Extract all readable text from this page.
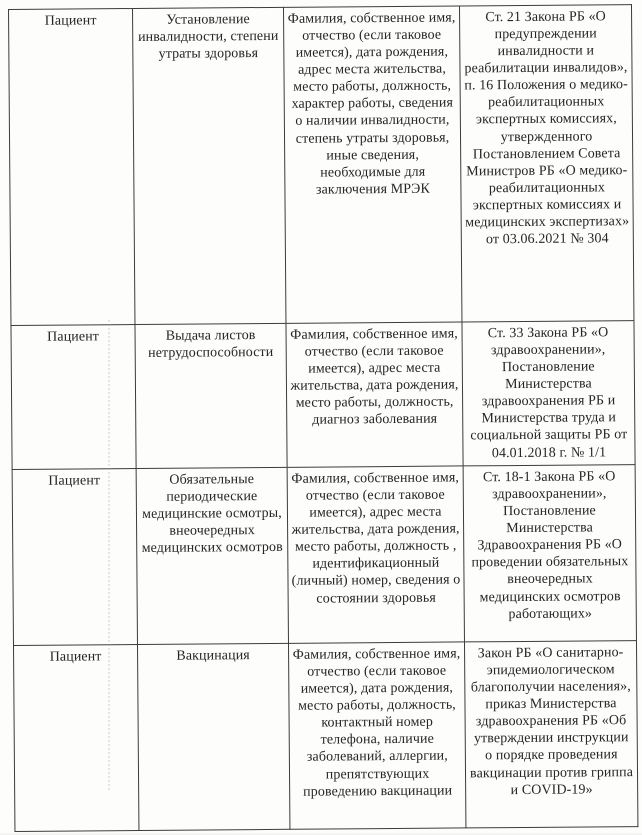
Пациент	Установление инвалидности, степени утраты здоровья	Фамилия, собственное имя, отчество (если таковое имеется), дата рождения, адрес места жительства, место работы, должность, характер работы, сведения о наличии инвалидности, степень утраты здоровья, иные сведения, необходимые для заключения МРЭК	Ст. 21 Закона РБ «О предупреждении инвалидности и реабилитации инвалидов», п. 16 Положения о медико-реабилитационных экспертных комиссиях, утвержденного Постановлением Совета Министров РБ «О медико-реабилитационных экспертных комиссиях и медицинских экспертизах» от 03.06.2021 № 304
Пациент	Выдача листов нетрудоспособности	Фамилия, собственное имя, отчество (если таковое имеется), адрес места жительства, дата рождения, место работы, должность, диагноз заболевания	Ст. 33 Закона РБ «О здравоохранении», Постановление Министерства здравоохранения РБ и Министерства труда и социальной защиты РБ от 04.01.2018 г. № 1/1
Пациент	Обязательные периодические медицинские осмотры, внеочередных медицинских осмотров	Фамилия, собственное имя, отчество (если таковое имеется), адрес места жительства, дата рождения, место работы, должность , идентификационный (личный) номер, сведения о состоянии здоровья	Ст. 18-1 Закона РБ «О здравоохранении», Постановление Министерства Здравоохранения РБ «О проведении обязательных внеочередных медицинских осмотров работающих»
Пациент	Вакцинация	Фамилия, собственное имя, отчество (если таковое имеется), дата рождения, место работы, должность, контактный номер телефона, наличие заболеваний, аллергии, препятствующих проведению вакцинации	Закон РБ «О санитарно-эпидемиологическом благополучии населения», приказ Министерства здравоохранения РБ «Об утверждении инструкции о порядке проведения вакцинации против гриппа и COVID-19»
